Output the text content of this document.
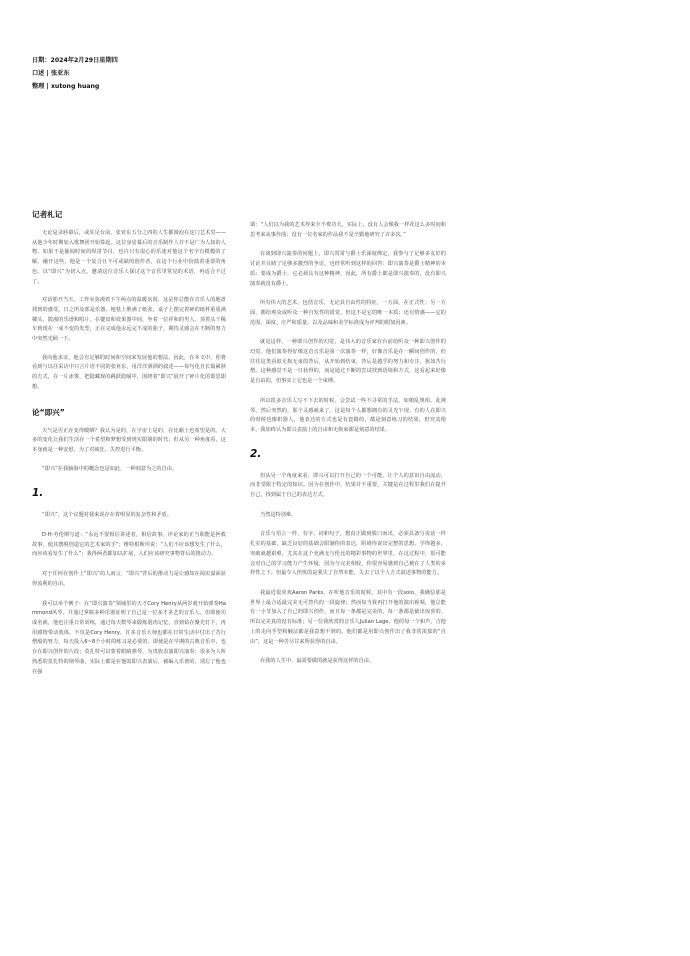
日期：2024年2月29日星期四

口述 | 张亚东

整理 | xutong huang

记者札记

无论是录唇幕后，或驻足台前，张亚东五分之四的人生都漫泡在这门艺术里——从他少年时期加入歌舞团开始算起。这位身居幕后的音乐制作人并不是广为人知的人物，如果不是偷阅时间的纵贯节目，也许只有很心的乐迷对他这个名字有模模的了解。融开这些，他是一个复合且不可或缺的创作者，在这个行业中扮演着重要的角色。以“即兴”为切入点，邀请这位音乐人探讨这个音乐里常见的术语，再适合不过了。

对话那开当天，工作室弥漫着下午两点的温暖氛围，这是你总能在音乐人的地盘找到的感受。日之所及部是乐器、地毯上堆满了纸张，桌子上摆完着碎的纸杯重重满插头，散漫的乐谱和唱片。在键盘和效果器中间，坐着一位祥和的男人，顶着头干稀车到现在一成不变的发型，正在完成他永远完不成的曲子，期待灵感会在不断的努力中突然光顾一下。

我向他求证，他会有足够的时间和空间来发展他的想法。因此，在本文中，你将看到与以往采访中只言片语不同的张亚东，用洋洋洒洒的叙述——每句化且长篇累牍的方式，在一片冰雾，把隐藏现的跳跃隐喻中，围绕着“即兴”展开了碎片化的即思即想。

论“即兴”

天气是否正在变得暖晒？我认为是的，在宇宙上是的，在比喻上也希望是的。大多的变化让我们生活在一个希望和梦想受到规实限制的时代；但从另一种角度看，这本身就是一种安慰，为了对疯狂、失控进行平衡。

“即兴”在我脑海中的概念也是如此，一种刻意为之的自由。

1.

“即兴”，这个议题对我来说存在着明显的复杂性和矛盾。

D·H·劳伦斯写道：“永远不要相信讲述者，相信故事。评论家的正当职能是拯救故事，使其摆脱创造它的艺术家的手”；维特根斯坦说：“人们不应该想发生了什么，而应该看发生了什么”；我得两者都加以扩展，人们应该研究事物背后的推动力。

对于任何在创作上“即兴”的人而言，“即兴”背后的推动力是让感知在阅实溢面获得流利的自由。

我可以举个例子：在“即兴演奏”领域里的天才Cory Henry从两岁就开始弹奏Hammond风琴，并通过掌握多种乐器证明了自己是一位多才多艺的音乐人。但即使功成名就，他也注重日常训练，通过每天数琴来锻炼肌肉记忆，直到钻在聚光灯下，再用感情带动肢体。不仅是Cory Henry，许多音乐大师也都在日常生活中付出了苦行僧般的努力，每天投入6~8个小时的练习是必要的。即使是在早期的古典音乐中，也存在即兴创作的片段；莫扎特可以蒙着眼睛弹琴，为贵族表演即兴演奏；很多为人所熟悉的莫扎特的钢琴曲，实际上都是在他的即兴表演后，被编入乐谱的。别忘了他也在强

调：“人们以为我的艺术得来全不费功夫。实际上，没有人会像我一样花这么多时间和思考来从事作曲；没有一位名家的作品我不是辛勤地研究了许多次。”

在谈到即兴演奏的问题上，即兴常常与爵士乐深度绑定。我参与了足够多友好的讨论并目睹了足够多激烈的争论，也经常听到这样的回答：即兴演奏是爵士精神的本质：要成为爵士，它必须具有这种精神。因此，所有爵士都是即兴演奏的，没有即兴演奏就没有爵士。

所有伟大的艺术，包括音乐，无论其自由性的特征，一方面，在正式性；另一方面，都给观众或听众一种自发性的错觉，但这不是它的唯一本质；还有情感——它的范围、深度、庄严和质量，以及品味和美学标准成为评判的附加因素。

就是这样，一种即兴创作的幻觉，是伟大的音乐家在台前给听众一种即兴创作的幻觉。他们演奏得好像这首音乐是第一次演奏一样，好像音乐是在一瞬间创作的，但往往这类看似无拘无束的背后，从开始到结束，背后是越乎的努力和专注，犹如苦行僧。这种感觉不是一日获得的，而是通过不断的尝试找到语境和方式，这看起来好像是自由的，但事实上它也是一个束缚。

所以很多音乐人写不下去的时候，会尝试一些不寻常的手法，如朝乱规组、乱弹琴、然后突然的，那个灵感就来了。这是每个人都想拥有的灵光乍现。有的人在即兴的时候也像机器人，他表达的方式也是有套路的，都是刻意练习的结果，但究其根本，我始终认为即兴表演上的自由和无拘束都是刻意的结果。

2.

但从另一个角度来看，即兴可以打开自己的一个可能，让个人的意识自由流动，而非受限于特定的知识。因为在创作中，结果并不重要，关键是在过程里我们在提升自己，找到属于自己的表达方式。

当然这特别难。

音乐与语言一样，有字、词和句子，想真正做到脱口而出，必须具备与说话一样扎实的基础，缺乏良好的基础会限制你的表达，阻碍你说出完整的思想。学得越多，突破就越艰难，尤其在这个充满无与伦比的精彩事物的世界里。在这过程中，很可能会对自己的学习能力产生怀疑，因为与完美相较，你很容易感到自己被在了人类的多样性之下。但最令人担忧的是我失了自然本能，失去了以个人方式叙述事物的能力。

我最近很喜欢Aaron Parks。在听他音乐的时候，其中有一段solo，我确信那是世界上最合适最完美无可替代的一段旋律；然而每当我再打开他的演出视频，他总能有一小节加入了自己的即兴创作，而且每一条都是完美的，每一条都是截出惊喜的。所以完美真的没有标准；另一位我欣赏的音乐人Julian Lage，他的每一个和声，吉他上的走向手型和触法都是我意想不到的。他们都是用即兴创作出了我非常羡慕的“自由”，这是一种苦尽甘来所获得的自由。

在我的人生中，最需要做的就是获得这样的自由。
